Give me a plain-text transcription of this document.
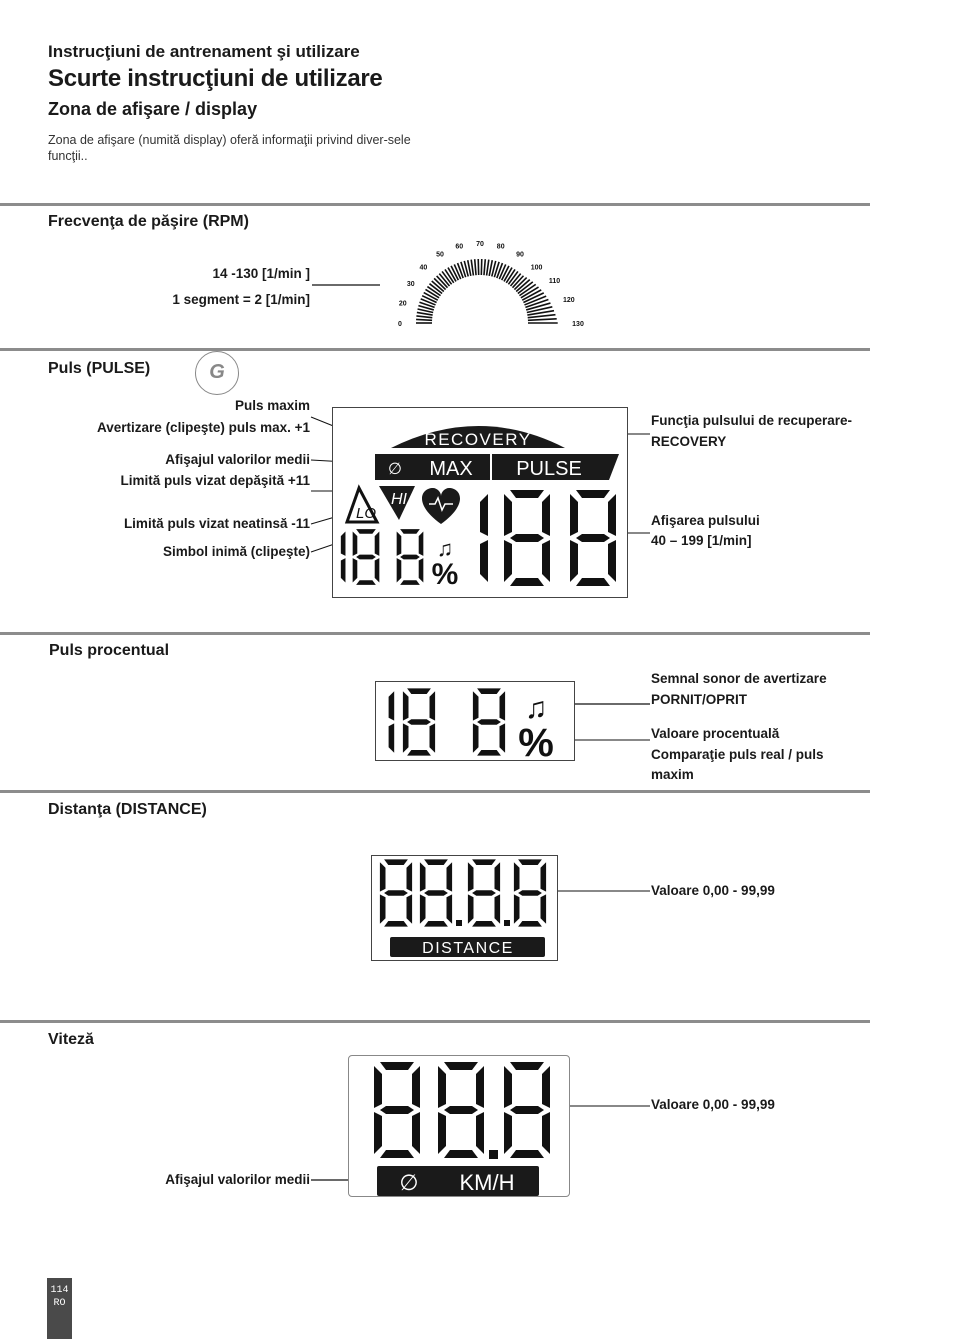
Instrucţiuni de antrenament şi utilizare
Scurte instrucţiuni de utilizare
Zona de afişare / display
Zona de afişare (numită display) oferă informaţii privind diver-sele funcţii..
Frecvenţa de păşire (RPM)
14 -130 [1/min ]
1 segment = 2 [1/min]
0
20
30
40
50
60 70 80
90
100
110
120
130
Puls (PULSE)	G
Puls maxim
Avertizare (clipeşte) puls max. +1
Afişajul valorilor medii
Limită puls vizat depăşită +11
Limită puls vizat neatinsă -11
Simbol inimă (clipeşte)
Funcţia pulsului de recuperare-
RECOVERY
Afişarea pulsului
40 – 199 [1/min]
RECOVERY
∅ MAX PULSE
LO
HI
♫
%
Puls procentual
Semnal sonor de avertizare
PORNIT/OPRIT
Valoare procentuală
Comparaţie puls real / puls
maxim
♫
%
Distanţa (DISTANCE)
Valoare 0,00 - 99,99
DISTANCE
Viteză
Valoare 0,00 - 99,99
Afişajul valorilor medii	∅ KM/H
114
RO
